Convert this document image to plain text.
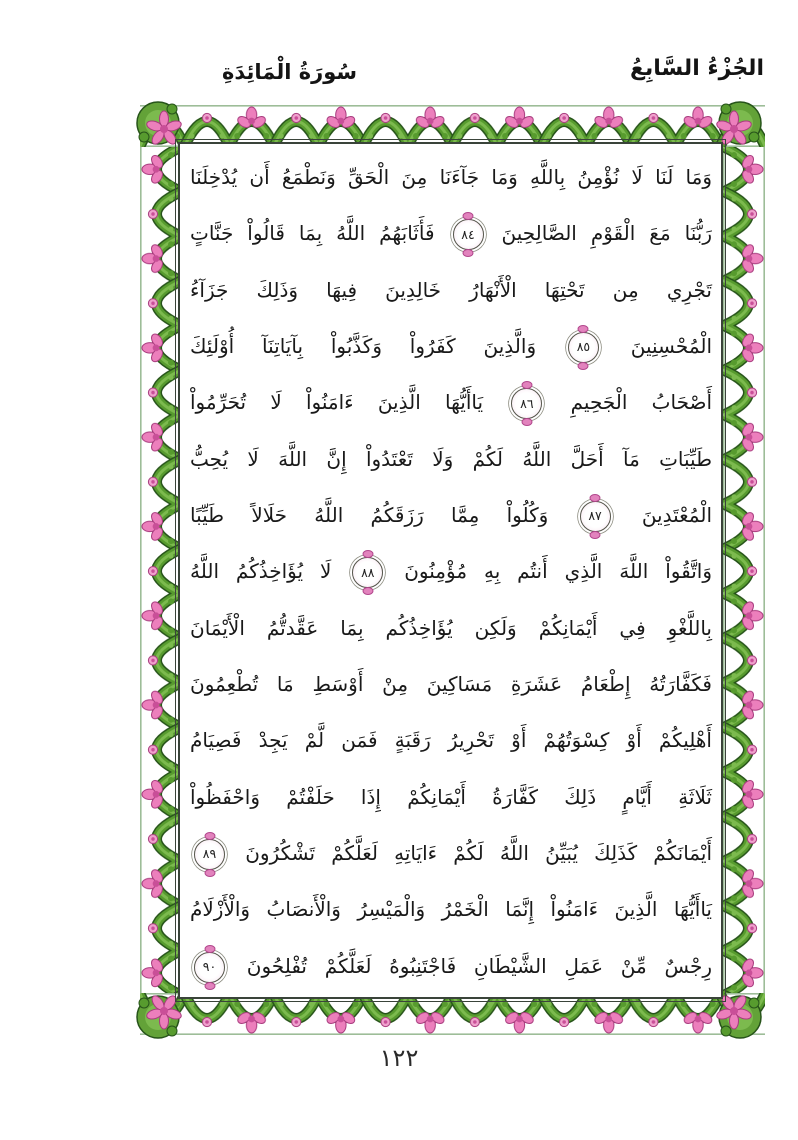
الجُزْءُ السَّابِعُ
سُورَةُ الْمَائِدَةِ
وَمَا لَنَا لَا نُؤْمِنُ بِاللَّهِ وَمَا جَآءَنَا مِنَ الْحَقِّ وَنَطْمَعُ أَن يُدْخِلَنَا
رَبُّنَا مَعَ الْقَوْمِ الصَّالِحِينَ
٨٤
فَأَثَابَهُمُ اللَّهُ بِمَا قَالُواْ جَنَّاتٍ
تَجْرِي مِن تَحْتِهَا الْأَنْهَارُ خَالِدِينَ فِيهَا وَذَلِكَ جَزَآءُ
الْمُحْسِنِينَ
٨٥
وَالَّذِينَ كَفَرُواْ وَكَذَّبُواْ بِآيَاتِنَآ أُوْلَئِكَ
أَصْحَابُ الْجَحِيمِ
٨٦
يَاأَيُّهَا الَّذِينَ ءَامَنُواْ لَا تُحَرِّمُواْ
طَيِّبَاتِ مَآ أَحَلَّ اللَّهُ لَكُمْ وَلَا تَعْتَدُواْ إِنَّ اللَّهَ لَا يُحِبُّ
الْمُعْتَدِينَ
٨٧
وَكُلُواْ مِمَّا رَزَقَكُمُ اللَّهُ حَلَالاً طَيِّبًا
وَاتَّقُواْ اللَّهَ الَّذِي أَنتُم بِهِ مُؤْمِنُونَ
٨٨
لَا يُؤَاخِذُكُمُ اللَّهُ
بِاللَّغْوِ فِي أَيْمَانِكُمْ وَلَكِن يُؤَاخِذُكُم بِمَا عَقَّدتُّمُ الْأَيْمَانَ
فَكَفَّارَتُهُ إِطْعَامُ عَشَرَةِ مَسَاكِينَ مِنْ أَوْسَطِ مَا تُطْعِمُونَ
أَهْلِيكُمْ أَوْ كِسْوَتُهُمْ أَوْ تَحْرِيرُ رَقَبَةٍ فَمَن لَّمْ يَجِدْ فَصِيَامُ
ثَلَاثَةِ أَيَّامٍ ذَلِكَ كَفَّارَةُ أَيْمَانِكُمْ إِذَا حَلَفْتُمْ وَاحْفَظُواْ
أَيْمَانَكُمْ كَذَلِكَ يُبَيِّنُ اللَّهُ لَكُمْ ءَايَاتِهِ لَعَلَّكُمْ تَشْكُرُونَ
٨٩
يَاأَيُّهَا الَّذِينَ ءَامَنُواْ إِنَّمَا الْخَمْرُ وَالْمَيْسِرُ وَالْأَنصَابُ وَالْأَزْلَامُ
رِجْسٌ مِّنْ عَمَلِ الشَّيْطَانِ فَاجْتَنِبُوهُ لَعَلَّكُمْ تُفْلِحُونَ
٩٠
١٢٢
